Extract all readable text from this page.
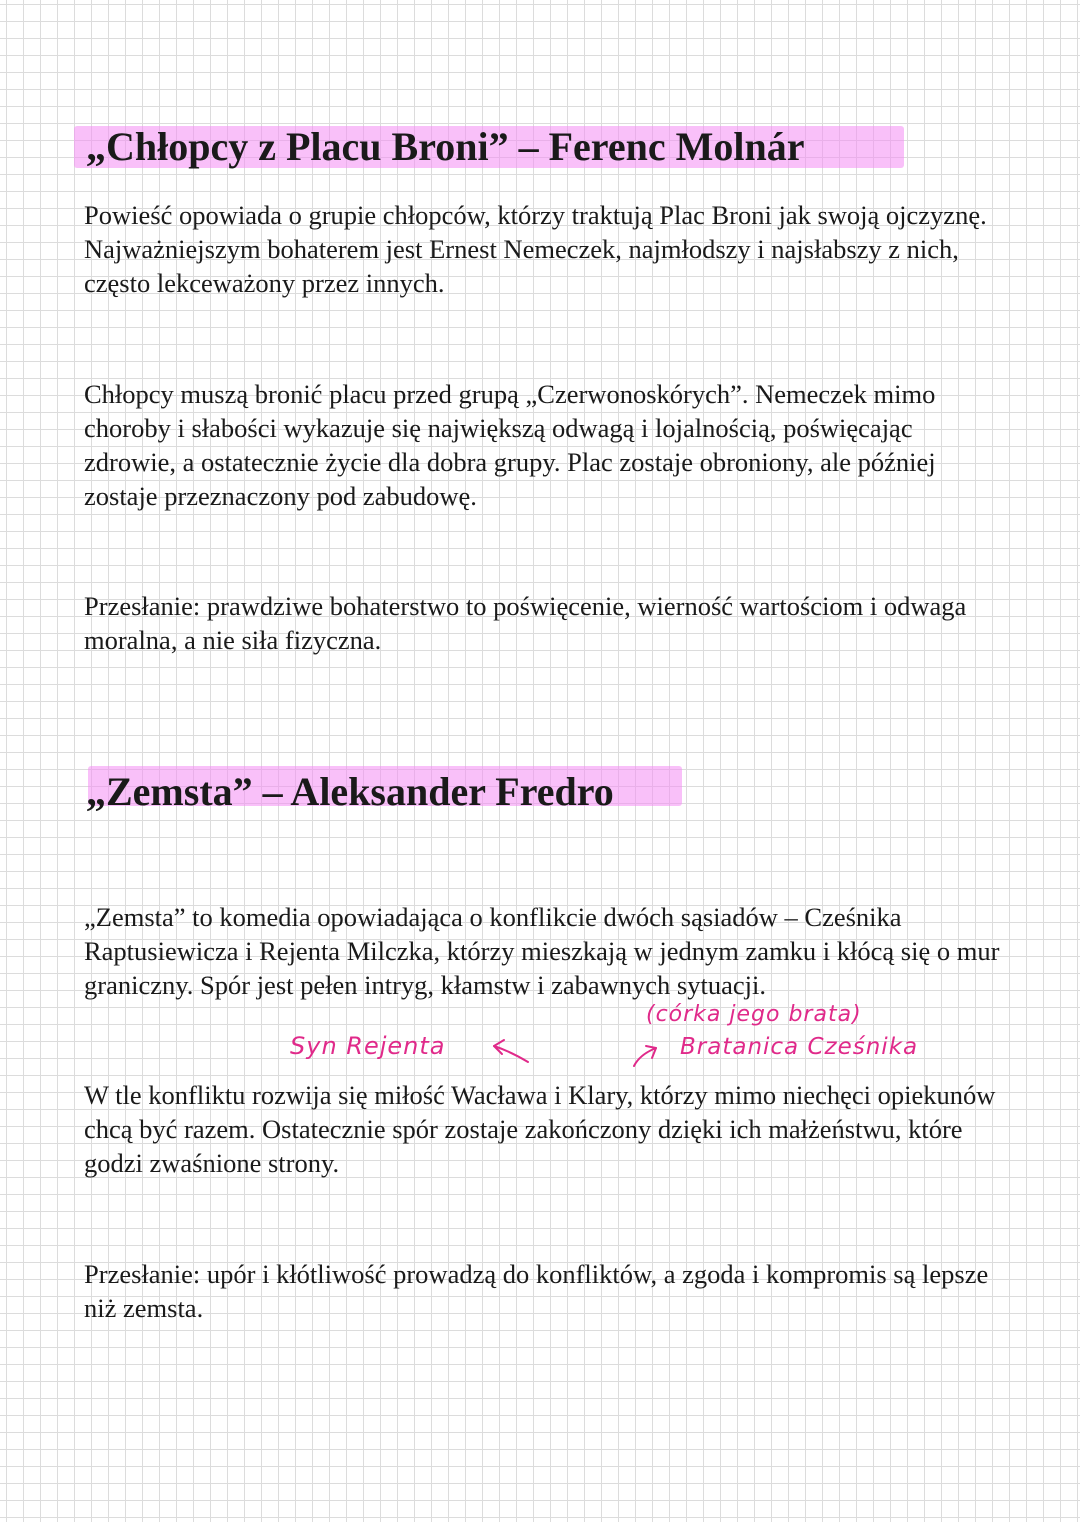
„Chłopcy z Placu Broni” – Ferenc Molnár

Powieść opowiada o grupie chłopców, którzy traktują Plac Broni jak swoją ojczyznę. Najważniejszym bohaterem jest Ernest Nemeczek, najmłodszy i najsłabszy z nich, często lekceważony przez innych.

Chłopcy muszą bronić placu przed grupą „Czerwonoskórych”. Nemeczek mimo choroby i słabości wykazuje się największą odwagą i lojalnością, poświęcając zdrowie, a ostatecznie życie dla dobra grupy. Plac zostaje obroniony, ale później zostaje przeznaczony pod zabudowę.

Przesłanie: prawdziwe bohaterstwo to poświęcenie, wierność wartościom i odwaga moralna, a nie siła fizyczna.

„Zemsta” – Aleksander Fredro

„Zemsta” to komedia opowiadająca o konflikcie dwóch sąsiadów – Cześnika Raptusiewicza i Rejenta Milczka, którzy mieszkają w jednym zamku i kłócą się o mur graniczny. Spór jest pełen intryg, kłamstw i zabawnych sytuacji.

Syn Rejenta
(córka jego brata)
Bratanica Cześnika

W tle konfliktu rozwija się miłość Wacława i Klary, którzy mimo niechęci opiekunów chcą być razem. Ostatecznie spór zostaje zakończony dzięki ich małżeństwu, które godzi zwaśnione strony.

Przesłanie: upór i kłótliwość prowadzą do konfliktów, a zgoda i kompromis są lepsze niż zemsta.
